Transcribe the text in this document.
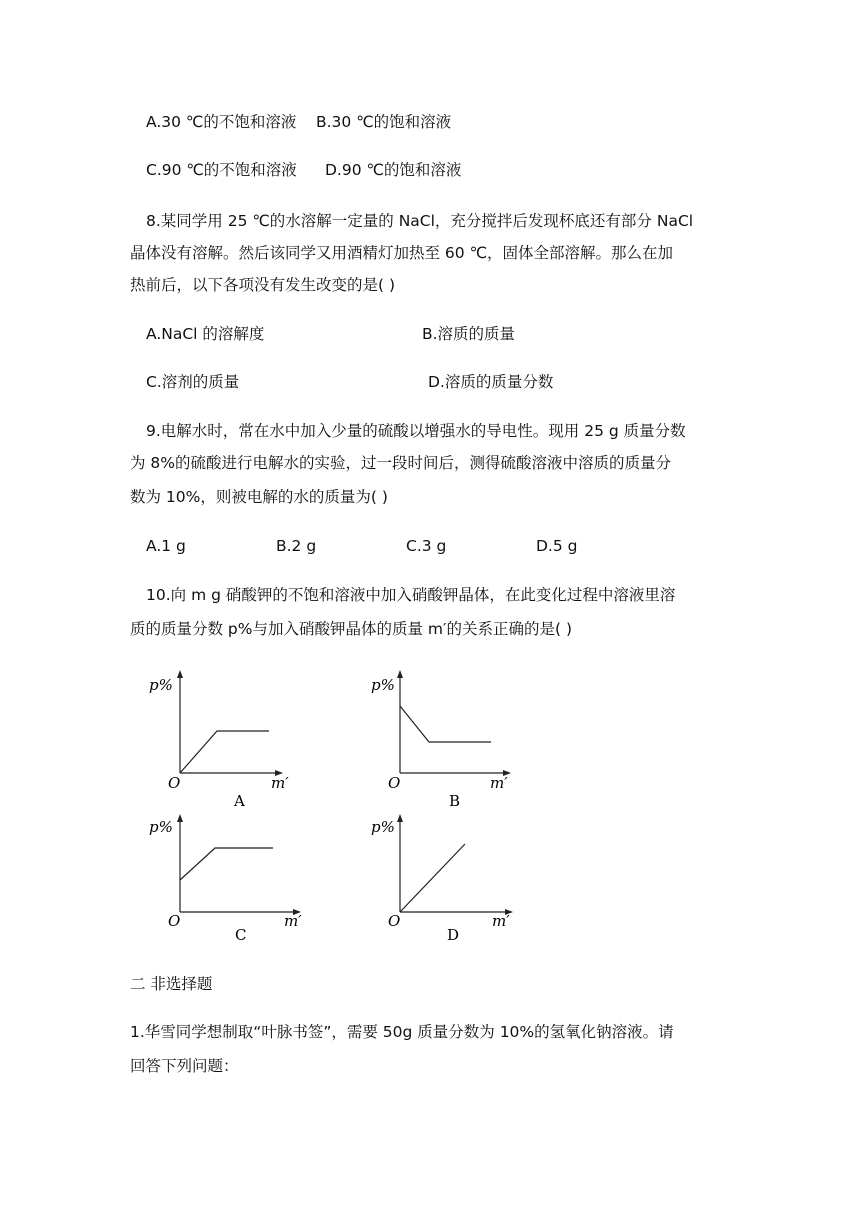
A.30 ℃的不饱和溶液 B.30 ℃的饱和溶液
C.90 ℃的不饱和溶液 D.90 ℃的饱和溶液
8.某同学用 25 ℃的水溶解一定量的 NaCl，充分搅拌后发现杯底还有部分 NaCl
晶体没有溶解。然后该同学又用酒精灯加热至 60 ℃，固体全部溶解。那么在加
热前后，以下各项没有发生改变的是( )
A.NaCl 的溶解度	B.溶质的质量
C.溶剂的质量	D.溶质的质量分数
9.电解水时，常在水中加入少量的硫酸以增强水的导电性。现用 25 g 质量分数
为 8%的硫酸进行电解水的实验，过一段时间后，测得硫酸溶液中溶质的质量分
数为 10%，则被电解的水的质量为( )
A.1 g	B.2 g	C.3 g	D.5 g
10.向 m g 硝酸钾的不饱和溶液中加入硝酸钾晶体，在此变化过程中溶液里溶
质的质量分数 p%与加入硝酸钾晶体的质量 m′的关系正确的是( )
p%
O	m′
A
p%
O	m′
B
p%
O	m′
C
p%
O	m′
D
二 非选择题
1.华雪同学想制取“叶脉书签”，需要 50g 质量分数为 10%的氢氧化钠溶液。请
回答下列问题：
